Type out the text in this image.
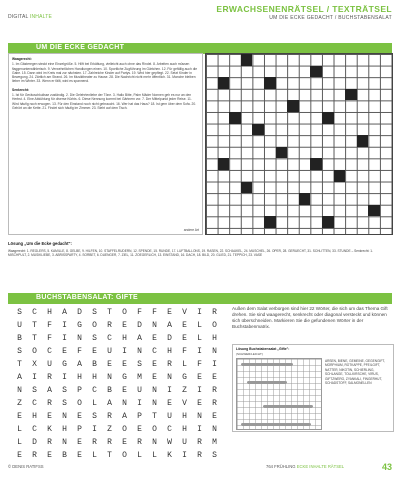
DIGITAL INHALTE
ERWACHSENENRÄTSEL / TEXTRÄTSEL
UM DIE ECKE GEDACHT / BUCHSTABENSALAT
UM DIE ECKE GEDACHT
Waagerecht:
1. Im Gästeregen steckt eine Einzelgröße. 5. Hilft bei Erkältung, vielleicht auch ohne das Rindel. 8. Arbeiten auch müssen flaggenunterwählerisch. 9. Verwehntlichen Handlungen einen. 10. Sportliche Zugführung im Gärtchen. 12. Für gefällig auch die Gabe. 15. Dann wird im Kreis mal zur nächsten. 17. Zahlreiche Kinder auf Partys. 19. Wird hier gepflegt. 22. Setzt Kinder in Bewegung. 24. Zärtlich am Strand. 26. Im Musiktheater zu Hause. 28. Die Nachricht nicht mehr öffentlich. 31. Manche bleiben lieber im Winter. 33. Wenn er fällt, wird es spannend.
Senkrecht:
1. Ist für Geräuschkulisse zuständig. 2. Die Gelehrtenliebe der Töne. 3. Hallo Bitte, Palm Mäder Nonnen geh es nur an den Herbst. 4. Eine Abkühlung für diverse Kürbis. 6. Diese Nennung kommt bei Gärtnern vor. 7. Der Mittelpunkt jeder Reise. 11. Wird häufig noch erwogen. 13. Für den Einstand noch nicht gebraucht. 16. Wer hat das Haus? 18. Ist gern über dem Sofa. 20. Gehört an die Kette. 21. Findet sich häufig im Zimmer. 23. Steht auf dem Tisch.
andere Art
Lösung „Um die Ecke gedacht":
Waagerecht: 1. REGLERS, 5. KAMILLE, 8. GELBE, 9. HILFEN, 10. STAFFELRUDERN, 12. SPENDE, 15. RUNDE, 17. LUFTBALLONS, 19. RASEN, 22. SCHAUKEL, 24. MUSCHEL, 26. OPER, 28. GERUECHT, 31. SCHLITTEN, 33. STUNDE – Senkrecht: 1. MISCHPULT, 2. MUSIKLIEBE, 3. ABRISSPARTY, 4. SORBET, 6. DUENGER, 7. ZIEL, 11. ZOEGERLICH, 13. EINSTAND, 16. DACH, 18. BILD, 20. GLIED, 21. TEPPICH, 23. VASE
BUCHSTABENSALAT: GIFTE
S	C	H	A	D	S	T	O	F	F	E	V	I	R
U	T	F	I	G	O	R	E	D	N	A	E	L	O
B	T	F	I	N	S	C	H	A	E	D	E	L	H
S	O	C	E	F	E	U	I	N	C	H	F	I	N
T	X	U	G	A	B	E	E	S	E	R	L	F	I
A	I	R	I	H	H	N	G	M	E	N	G	E	E
N	S	A	S	P	C	B	E	U	N	I	Z	I	R
Z	C	R	S	O	L	A	N	I	N	E	V	E	R
E	H	E	N	E	S	R	A	P	T	U	H	N	E
L	C	K	H	P	I	Z	O	E	O	C	H	I	N
L	D	R	N	E	R	R	E	R	N	W	U	R	M
E	R	E	B	E	L	T	O	L	L	K	I	R	S
Außen dem Salat verborgen sind hier 22 Wörter, die sich um das Thema Gift drehen. Sie sind waagerecht, senkrecht oder diagonal versteckt und können sich überschneiden. Markieren Sie die gefundenen Wörter in der Buchstabenmatrix.
Lösung Buchstabensalat „Gifte":
(SCHWER/LEICHT)
ARSEN, BIENE, GEMEINE, GEGENGIFT, MORPHIUM, ROTKAPPE, PFEILGIFT, NATTER, NIKOTIN, SCHIERLING, SCHLANGE, TOLLKIRSCHE, VIRUS, GIFTZWERG, ZYANKALI, FINGERHUT, SCHADSTOFF, SALMONELLEN
© DENIS RATIFSS	764 FRÜHLING ECKE INHALTE RÄTSEL	43
